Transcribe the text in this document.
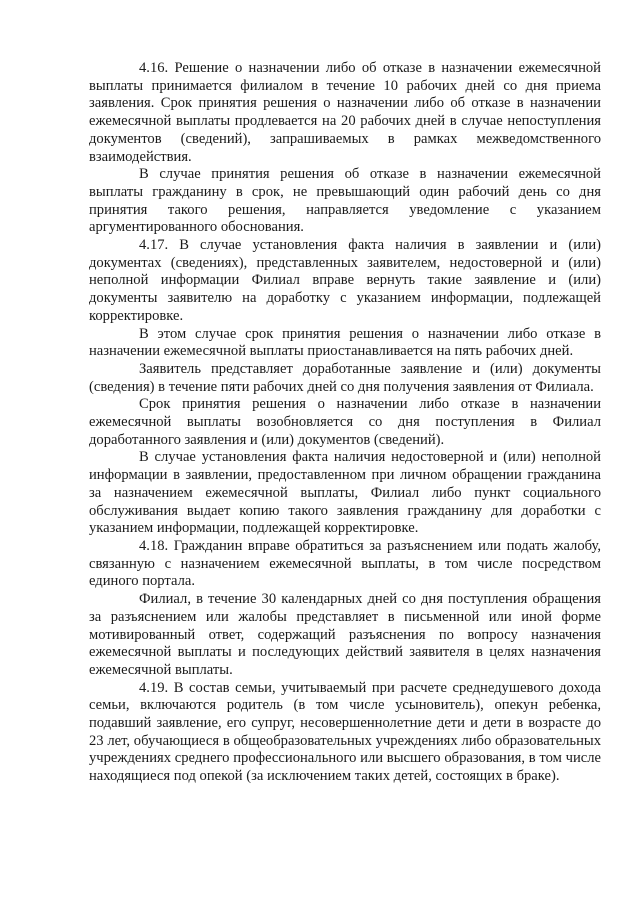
4.16. Решение о назначении либо об отказе в назначении ежемесячной выплаты принимается филиалом в течение 10 рабочих дней со дня приема заявления. Срок принятия решения о назначении либо об отказе в назначении ежемесячной выплаты продлевается на 20 рабочих дней в случае непоступления документов (сведений), запрашиваемых в рамках межведомственного взаимодействия.

В случае принятия решения об отказе в назначении ежемесячной выплаты гражданину в срок, не превышающий один рабочий день со дня принятия такого решения, направляется уведомление с указанием аргументированного обоснования.

4.17. В случае установления факта наличия в заявлении и (или) документах (сведениях), представленных заявителем, недостоверной и (или) неполной информации Филиал вправе вернуть такие заявление и (или) документы заявителю на доработку с указанием информации, подлежащей корректировке.

В этом случае срок принятия решения о назначении либо отказе в назначении ежемесячной выплаты приостанавливается на пять рабочих дней.

Заявитель представляет доработанные заявление и (или) документы (сведения) в течение пяти рабочих дней со дня получения заявления от Филиала.

Срок принятия решения о назначении либо отказе в назначении ежемесячной выплаты возобновляется со дня поступления в Филиал доработанного заявления и (или) документов (сведений).

В случае установления факта наличия недостоверной и (или) неполной информации в заявлении, предоставленном при личном обращении гражданина за назначением ежемесячной выплаты, Филиал либо пункт социального обслуживания выдает копию такого заявления гражданину для доработки с указанием информации, подлежащей корректировке.

4.18. Гражданин вправе обратиться за разъяснением или подать жалобу, связанную с назначением ежемесячной выплаты, в том числе посредством единого портала.

Филиал, в течение 30 календарных дней со дня поступления обращения за разъяснением или жалобы представляет в письменной или иной форме мотивированный ответ, содержащий разъяснения по вопросу назначения ежемесячной выплаты и последующих действий заявителя в целях назначения ежемесячной выплаты.

4.19. В состав семьи, учитываемый при расчете среднедушевого дохода семьи, включаются родитель (в том числе усыновитель), опекун ребенка, подавший заявление, его супруг, несовершеннолетние дети и дети в возрасте до 23 лет, обучающиеся в общеобразовательных учреждениях либо образовательных учреждениях среднего профессионального или высшего образования, в том числе находящиеся под опекой (за исключением таких детей, состоящих в браке).
